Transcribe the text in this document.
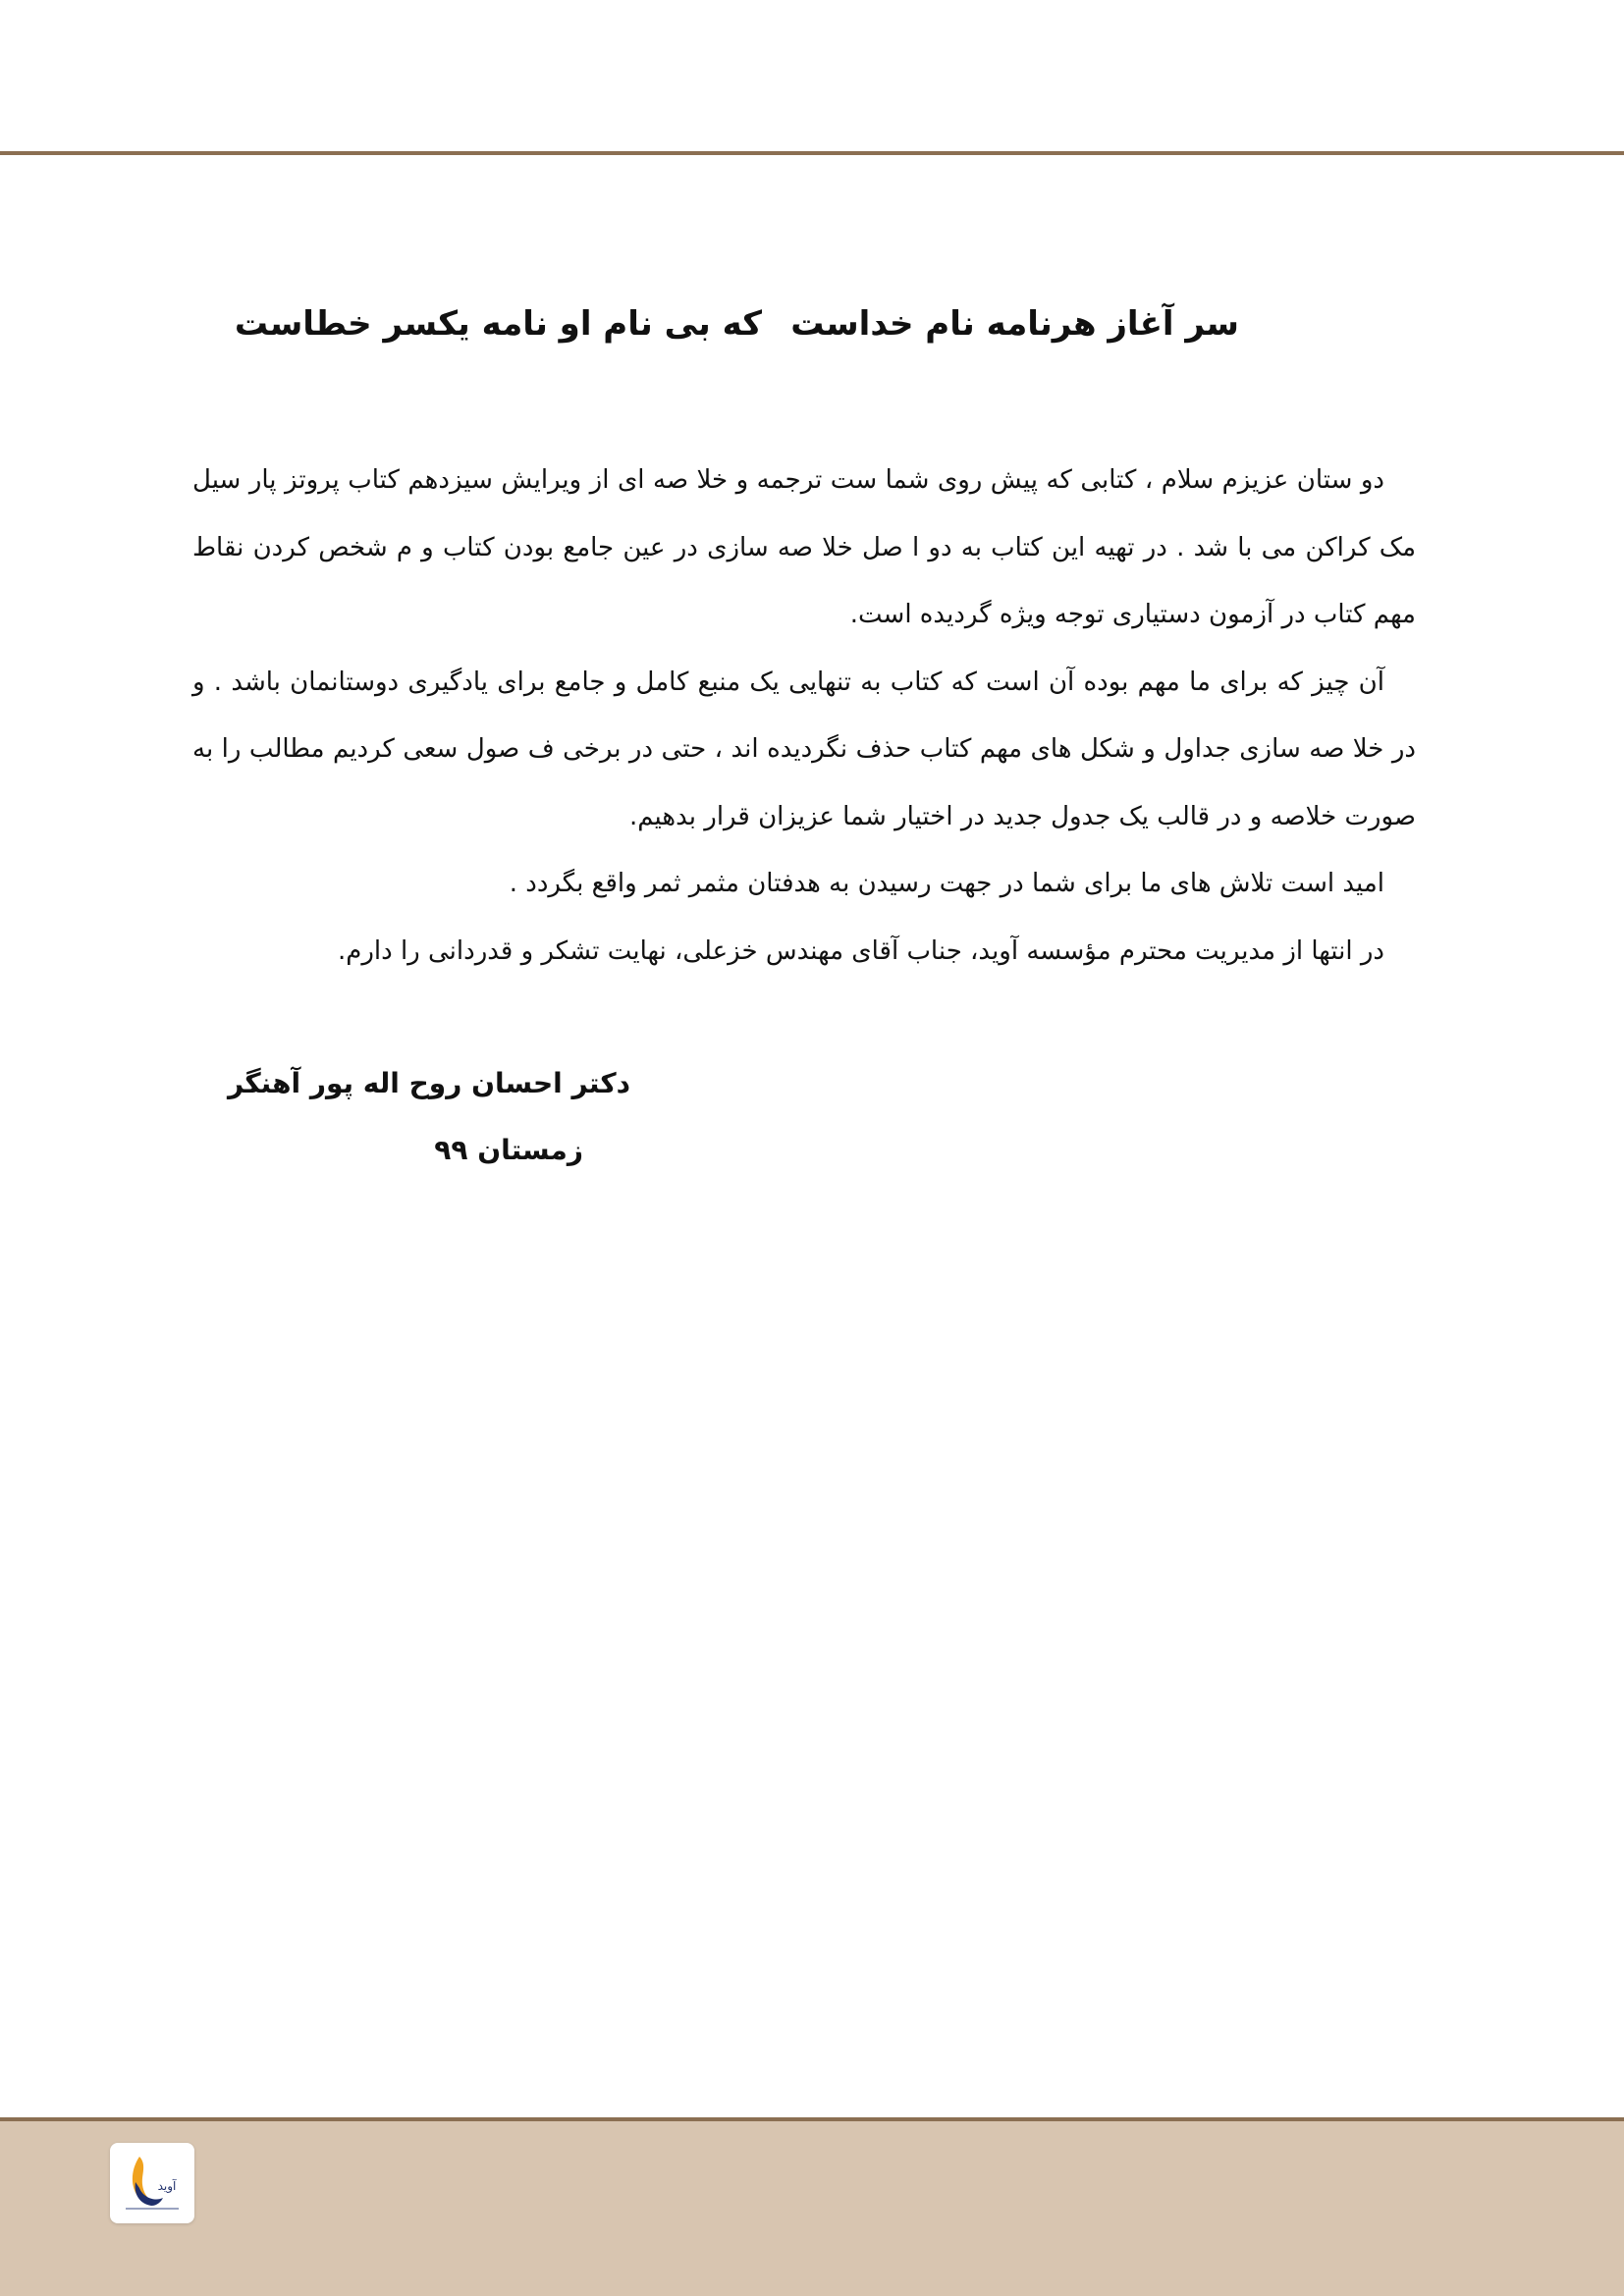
سر آغاز هرنامه نام خداست
که بی نام او نامه یکسر خطاست

دو ستان عزیزم سلام ، کتابی که پیش روی شما ست ترجمه و خلا صه ای از ویرایش سیزدهم کتاب پروتز پار سیل مک کراکن می با شد . در تهیه این کتاب به دو ا صل خلا صه سازی در عین جامع بودن کتاب و م شخص کردن نقاط مهم کتاب در آزمون دستیاری توجه ویژه گردیده است.

آن چیز که برای ما مهم بوده آن است که کتاب به تنهایی یک منبع کامل و جامع برای یادگیری دوستانمان باشد . و در خلا صه سازی جداول و شکل های مهم کتاب حذف نگردیده اند ، حتی در برخی ف صول سعی کردیم مطالب را به صورت خلاصه و در قالب یک جدول جدید در اختیار شما عزیزان قرار بدهیم.

امید است تلاش های ما برای شما در جهت رسیدن به هدفتان مثمر ثمر واقع بگردد .

در انتها از مدیریت محترم مؤسسه آوید، جناب آقای مهندس خزعلی، نهایت تشکر و قدردانی را دارم.

دکتر احسان روح اله پور آهنگر
زمستان ۹۹
آوید
